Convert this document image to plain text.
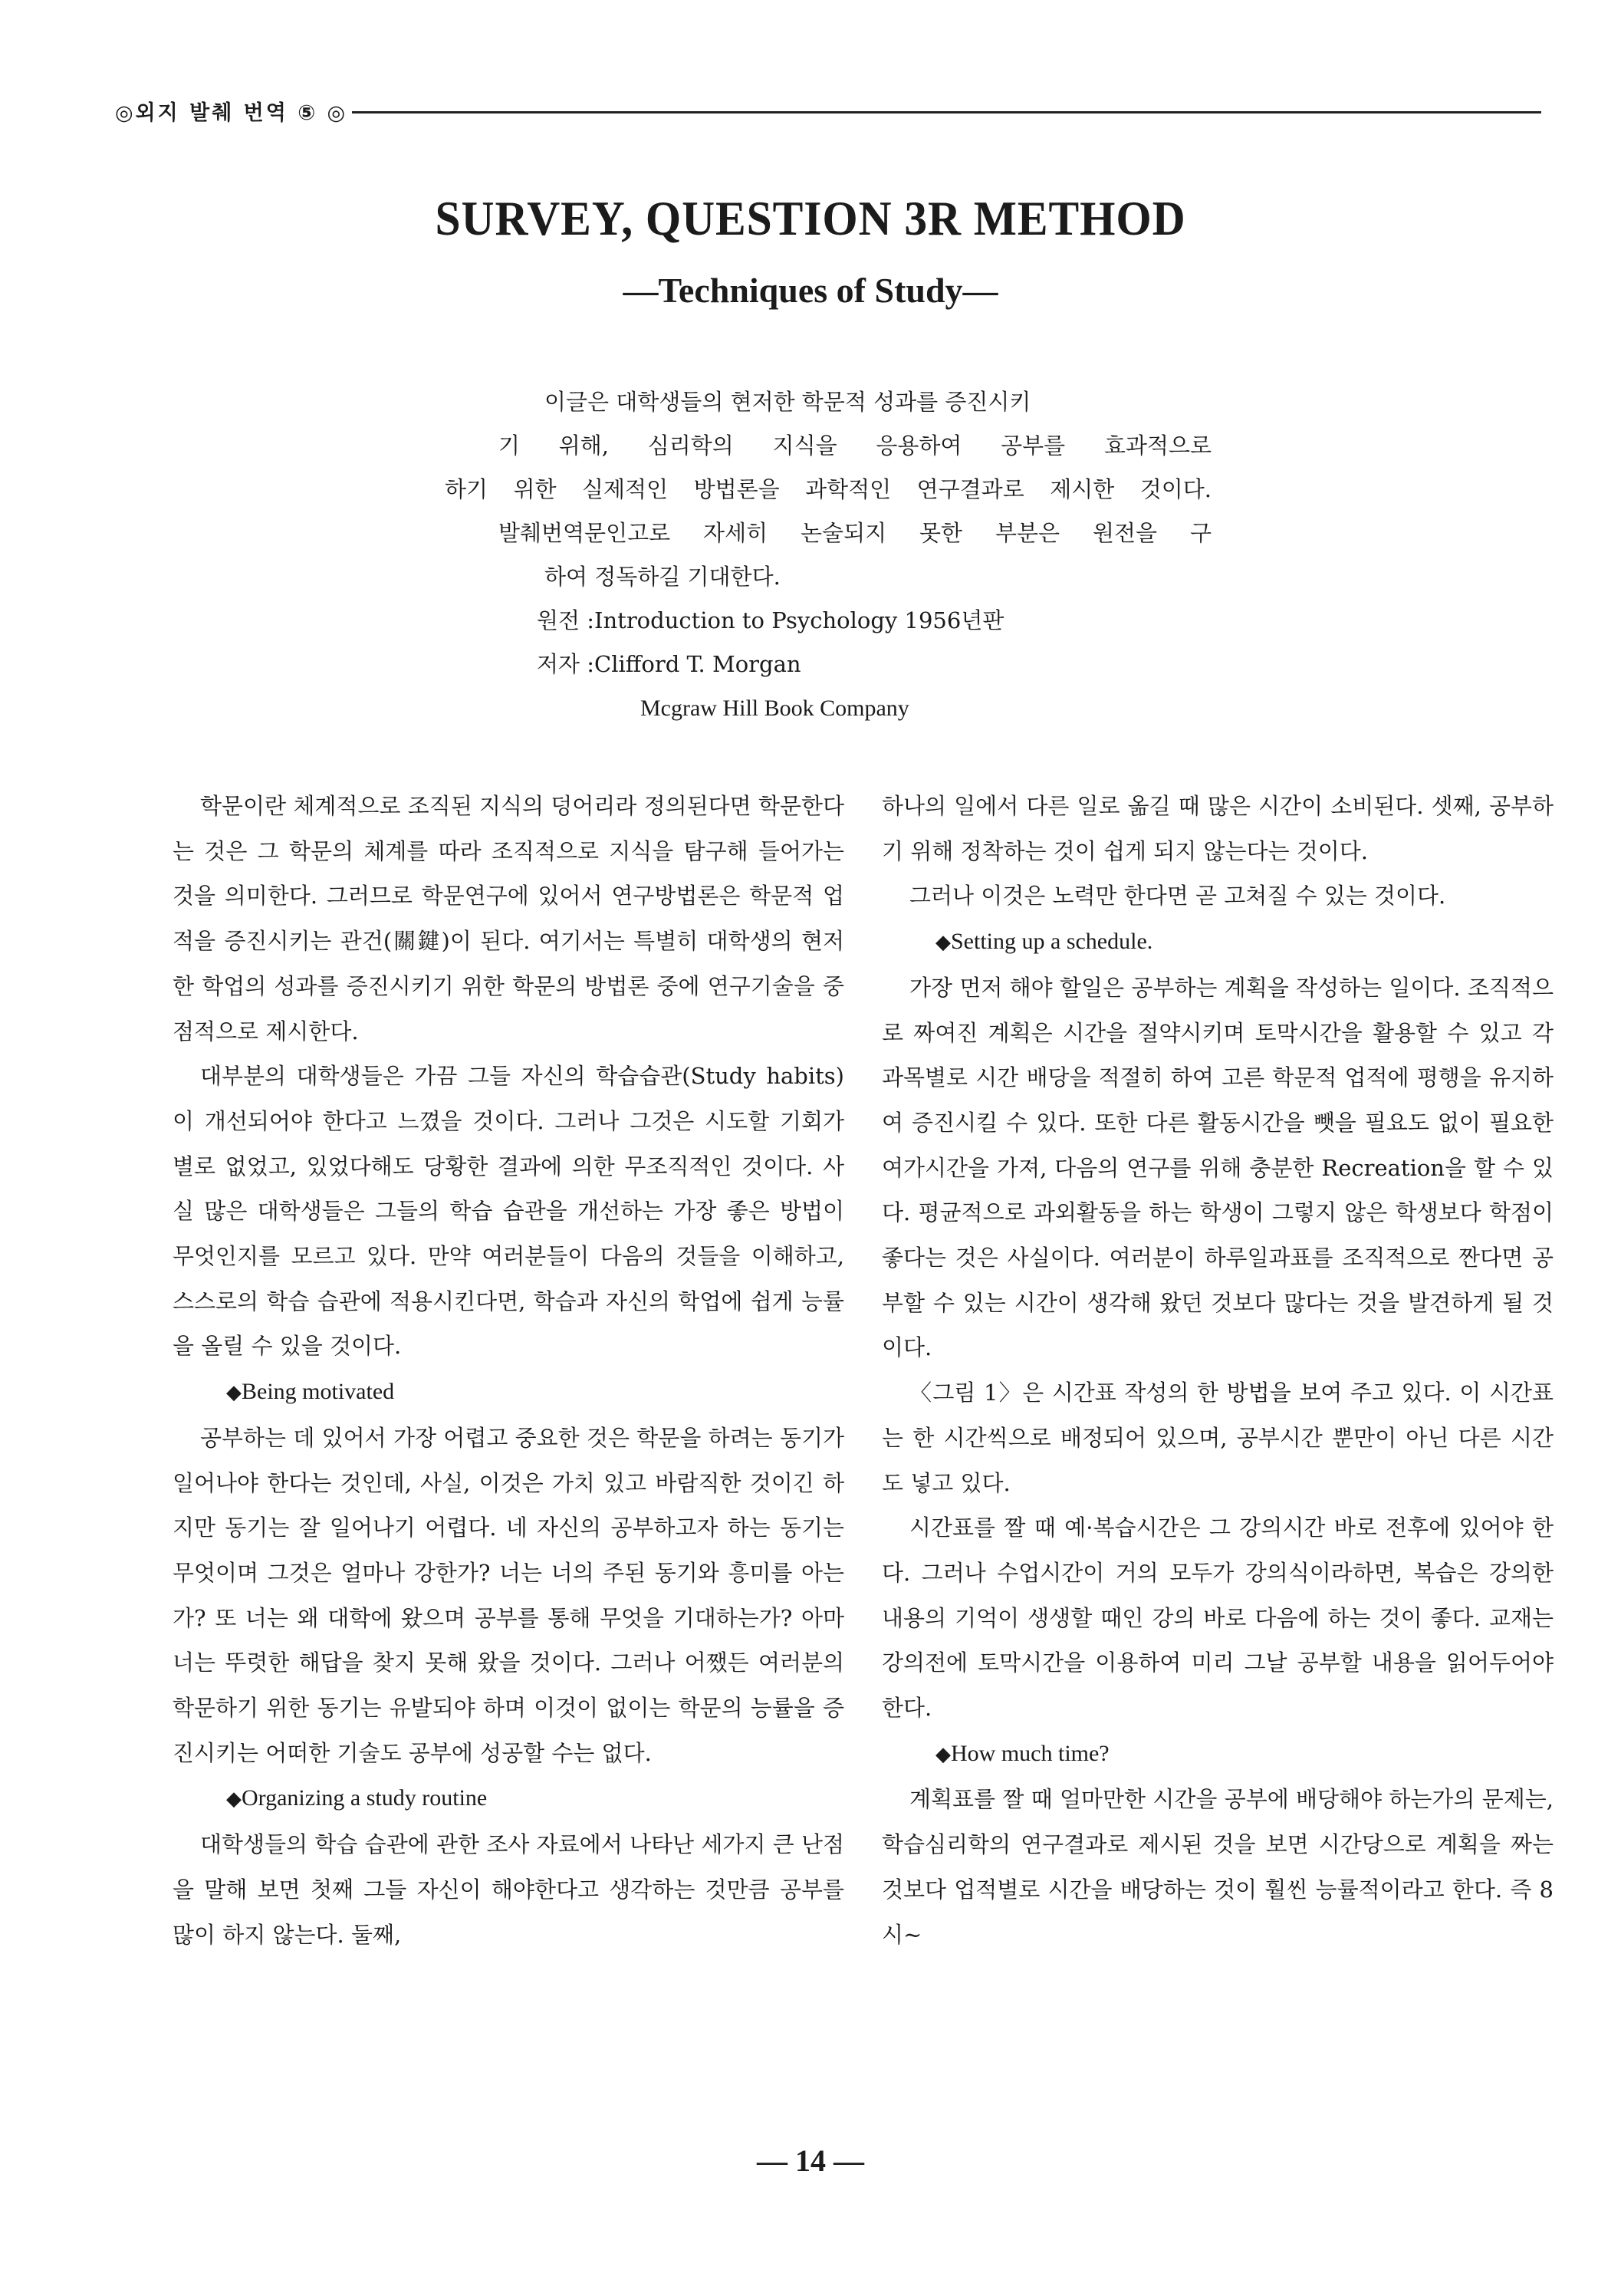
◎외지 발췌 번역 ⑤ ◎
SURVEY, QUESTION 3R METHOD
—Techniques of Study—

이글은 대학생들의 현저한 학문적 성과를 증진시키

기 위해, 심리학의 지식을 응용하여 공부를 효과적으로

하기 위한 실제적인 방법론을 과학적인 연구결과로 제시한 것이다.

발췌번역문인고로 자세히 논술되지 못한 부분은 원전을 구

하여 정독하길 기대한다.

원전 :Introduction to Psychology 1956년판

저자 :Clifford T. Morgan

Mcgraw Hill Book Company

학문이란 체계적으로 조직된 지식의 덩어리라 정의된다면 학문한다는 것은 그 학문의 체계를 따라 조직적으로 지식을 탐구해 들어가는 것을 의미한다. 그러므로 학문연구에 있어서 연구방법론은 학문적 업적을 증진시키는 관건(關鍵)이 된다. 여기서는 특별히 대학생의 현저한 학업의 성과를 증진시키기 위한 학문의 방법론 중에 연구기술을 중점적으로 제시한다.

대부분의 대학생들은 가끔 그들 자신의 학습습관(Study habits)이 개선되어야 한다고 느꼈을 것이다. 그러나 그것은 시도할 기회가 별로 없었고, 있었다해도 당황한 결과에 의한 무조직적인 것이다. 사실 많은 대학생들은 그들의 학습 습관을 개선하는 가장 좋은 방법이 무엇인지를 모르고 있다. 만약 여러분들이 다음의 것들을 이해하고, 스스로의 학습 습관에 적용시킨다면, 학습과 자신의 학업에 쉽게 능률을 올릴 수 있을 것이다.

◆Being motivated

공부하는 데 있어서 가장 어렵고 중요한 것은 학문을 하려는 동기가 일어나야 한다는 것인데, 사실, 이것은 가치 있고 바람직한 것이긴 하지만 동기는 잘 일어나기 어렵다. 네 자신의 공부하고자 하는 동기는 무엇이며 그것은 얼마나 강한가? 너는 너의 주된 동기와 흥미를 아는가? 또 너는 왜 대학에 왔으며 공부를 통해 무엇을 기대하는가? 아마 너는 뚜렷한 해답을 찾지 못해 왔을 것이다. 그러나 어쨌든 여러분의 학문하기 위한 동기는 유발되야 하며 이것이 없이는 학문의 능률을 증진시키는 어떠한 기술도 공부에 성공할 수는 없다.

◆Organizing a study routine

대학생들의 학습 습관에 관한 조사 자료에서 나타난 세가지 큰 난점을 말해 보면 첫째 그들 자신이 해야한다고 생각하는 것만큼 공부를 많이 하지 않는다. 둘째,

하나의 일에서 다른 일로 옮길 때 많은 시간이 소비된다. 셋째, 공부하기 위해 정착하는 것이 쉽게 되지 않는다는 것이다.

그러나 이것은 노력만 한다면 곧 고쳐질 수 있는 것이다.

◆Setting up a schedule.

가장 먼저 해야 할일은 공부하는 계획을 작성하는 일이다. 조직적으로 짜여진 계획은 시간을 절약시키며 토막시간을 활용할 수 있고 각 과목별로 시간 배당을 적절히 하여 고른 학문적 업적에 평행을 유지하여 증진시킬 수 있다. 또한 다른 활동시간을 뺏을 필요도 없이 필요한 여가시간을 가져, 다음의 연구를 위해 충분한 Recreation을 할 수 있다. 평균적으로 과외활동을 하는 학생이 그렇지 않은 학생보다 학점이 좋다는 것은 사실이다. 여러분이 하루일과표를 조직적으로 짠다면 공부할 수 있는 시간이 생각해 왔던 것보다 많다는 것을 발견하게 될 것이다.

〈그림 1〉은 시간표 작성의 한 방법을 보여 주고 있다. 이 시간표는 한 시간씩으로 배정되어 있으며, 공부시간 뿐만이 아닌 다른 시간도 넣고 있다.

시간표를 짤 때 예·복습시간은 그 강의시간 바로 전후에 있어야 한다. 그러나 수업시간이 거의 모두가 강의식이라하면, 복습은 강의한 내용의 기억이 생생할 때인 강의 바로 다음에 하는 것이 좋다. 교재는 강의전에 토막시간을 이용하여 미리 그날 공부할 내용을 읽어두어야 한다.

◆How much time?

계획표를 짤 때 얼마만한 시간을 공부에 배당해야 하는가의 문제는, 학습심리학의 연구결과로 제시된 것을 보면 시간당으로 계획을 짜는 것보다 업적별로 시간을 배당하는 것이 훨씬 능률적이라고 한다. 즉 8시~

— 14 —
